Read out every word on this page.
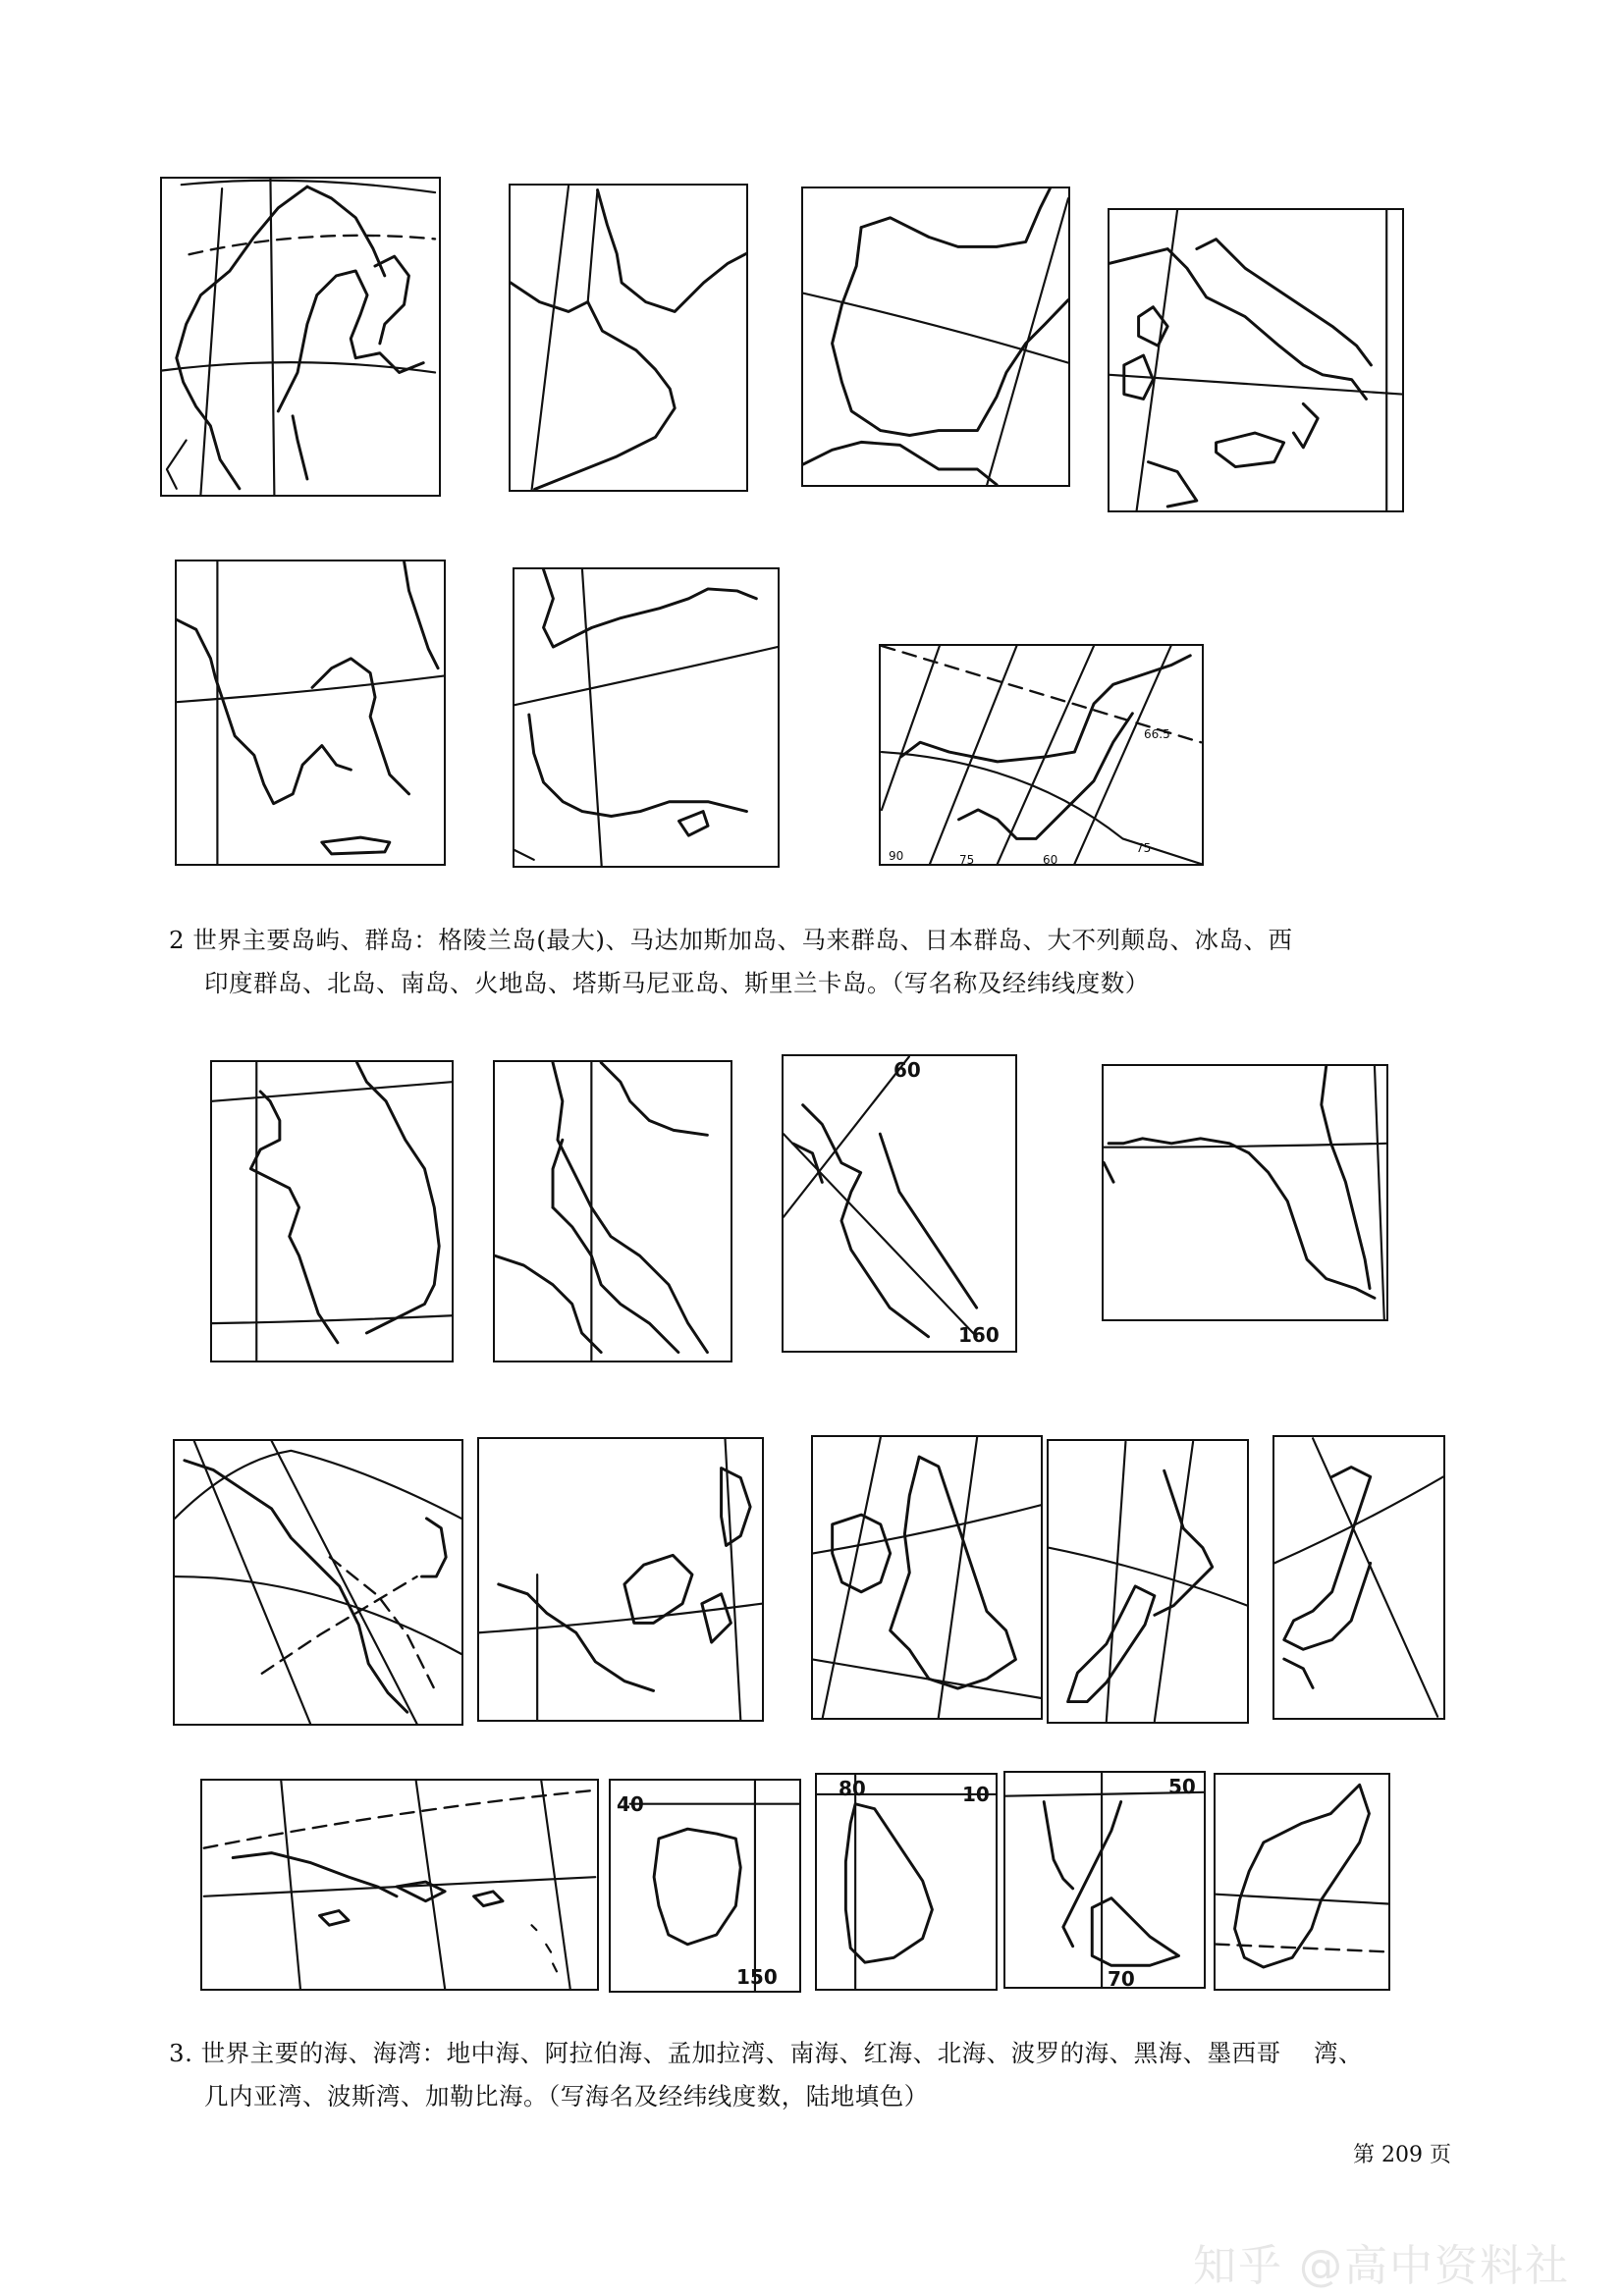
66.5
90	75	60
75
2 世界主要岛屿、群岛：格陵兰岛(最大)、马达加斯加岛、马来群岛、日本群岛、大不列颠岛、冰岛、西
印度群岛、北岛、南岛、火地岛、塔斯马尼亚岛、斯里兰卡岛。（写名称及经纬线度数）
60
160
40
150
80	10	50
70
3. 世界主要的海、海湾：地中海、阿拉伯海、孟加拉湾、南海、红海、北海、波罗的海、黑海、墨西哥　 湾、
几内亚湾、波斯湾、加勒比海。（写海名及经纬线度数，陆地填色）
第 209 页
知乎 @高中资料社
